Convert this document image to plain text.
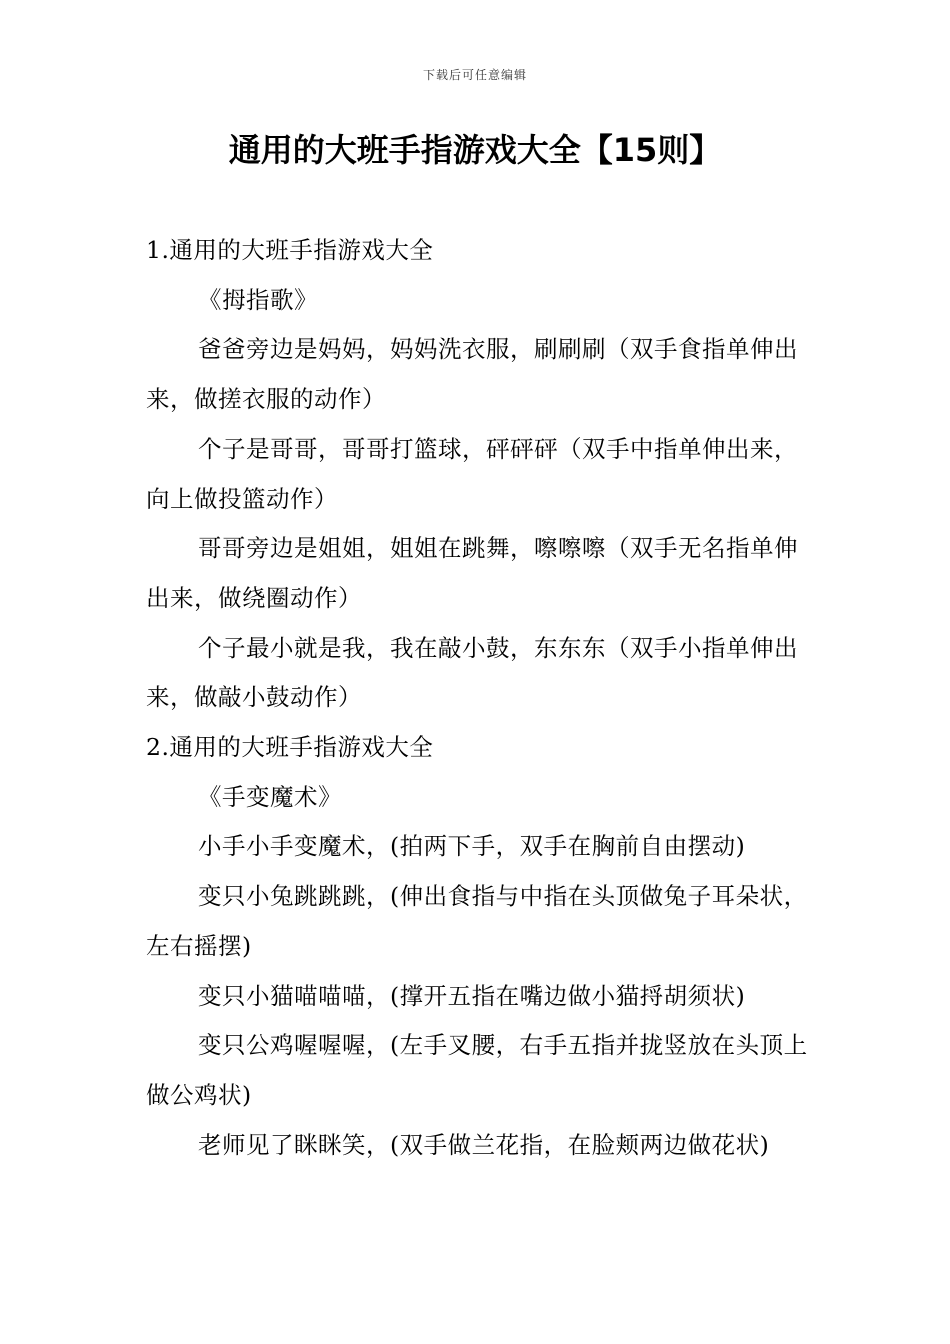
下载后可任意编辑
通用的大班手指游戏大全【15则】

1.通用的大班手指游戏大全

《拇指歌》

爸爸旁边是妈妈，妈妈洗衣服，刷刷刷（双手食指单伸出来，做搓衣服的动作）

个子是哥哥，哥哥打篮球，砰砰砰（双手中指单伸出来，向上做投篮动作）

哥哥旁边是姐姐，姐姐在跳舞，嚓嚓嚓（双手无名指单伸出来，做绕圈动作）

个子最小就是我，我在敲小鼓，东东东（双手小指单伸出来，做敲小鼓动作）

2.通用的大班手指游戏大全

《手变魔术》

小手小手变魔术，(拍两下手，双手在胸前自由摆动)

变只小兔跳跳跳，(伸出食指与中指在头顶做兔子耳朵状，左右摇摆)

变只小猫喵喵喵，(撑开五指在嘴边做小猫捋胡须状)

变只公鸡喔喔喔，(左手叉腰，右手五指并拢竖放在头顶上做公鸡状)

老师见了眯眯笑，(双手做兰花指，在脸颊两边做花状)
